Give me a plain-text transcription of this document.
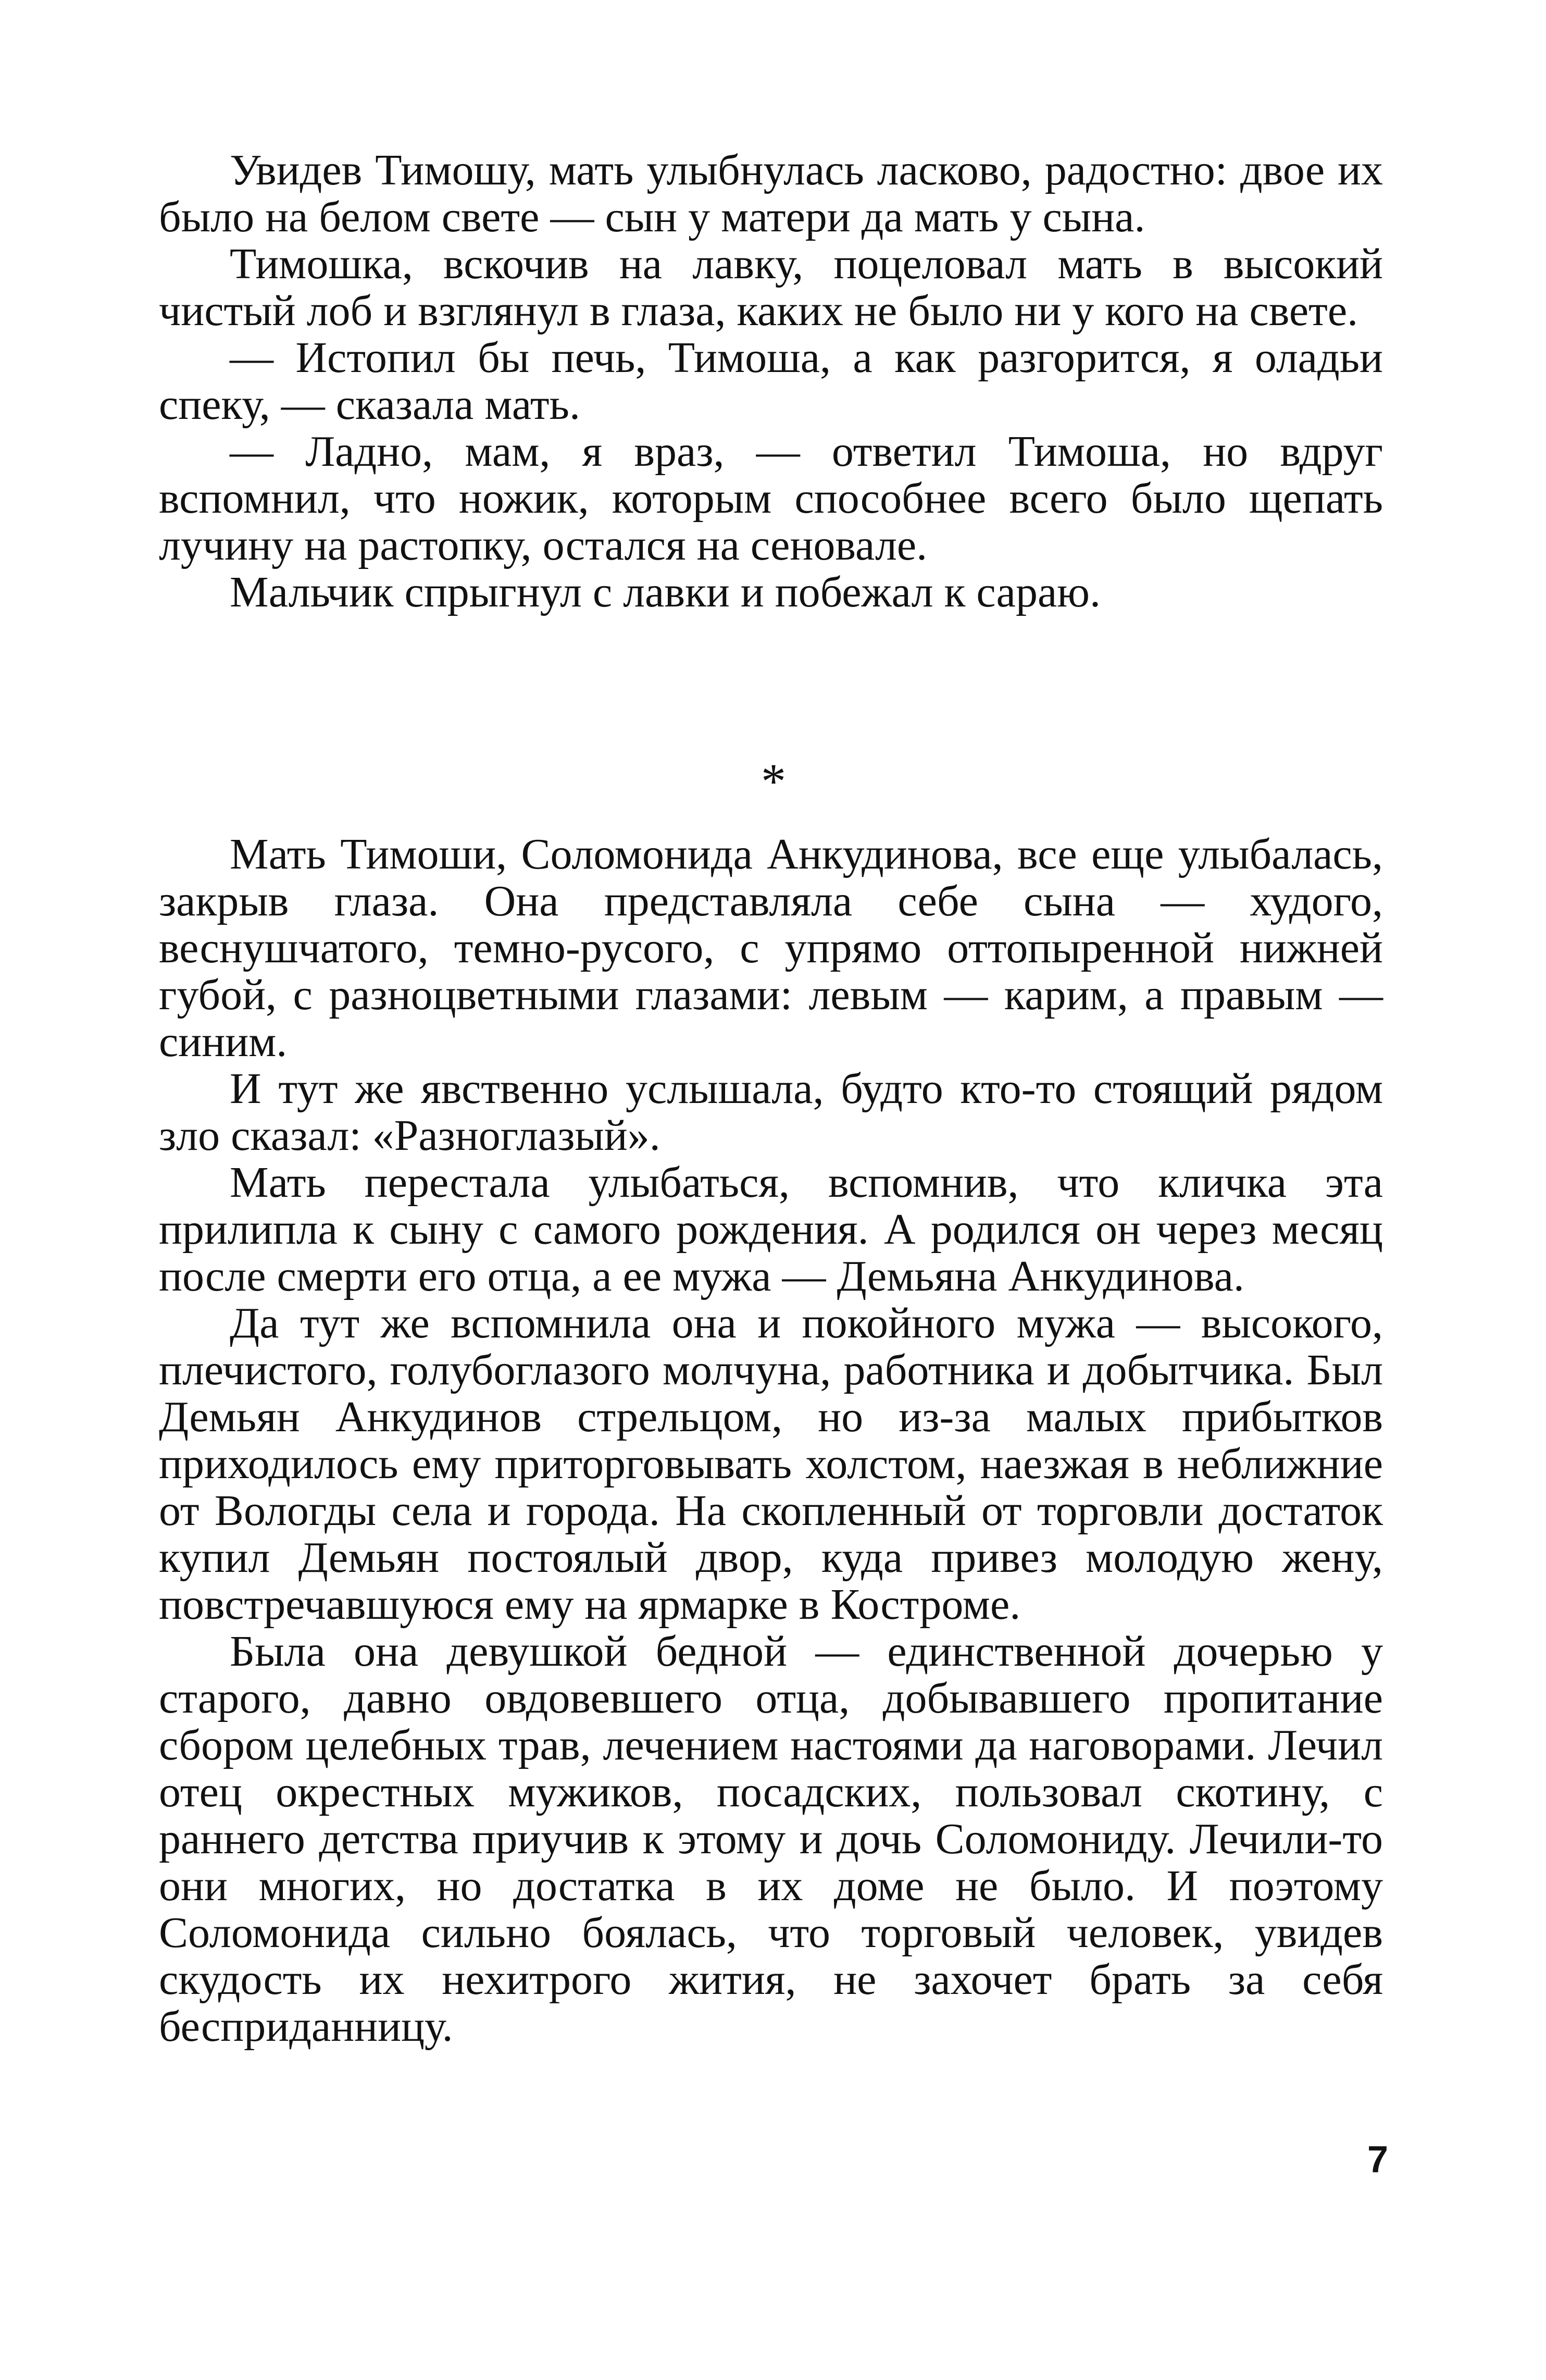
Увидев Тимошу, мать улыбнулась ласково, радостно: двое их было на белом свете — сын у матери да мать у сына.

Тимошка, вскочив на лавку, поцеловал мать в высокий чистый лоб и взглянул в глаза, каких не было ни у кого на свете.

— Истопил бы печь, Тимоша, а как разгорится, я оладьи спеку, — сказала мать.

— Ладно, мам, я враз, — ответил Тимоша, но вдруг вспомнил, что ножик, которым способнее всего было щепать лучину на растопку, остался на сеновале.

Мальчик спрыгнул с лавки и побежал к сараю.

*

Мать Тимоши, Соломонида Анкудинова, все еще улыбалась, закрыв глаза. Она представляла себе сына — худого, веснушчатого, темно-русого, с упрямо оттопыренной нижней губой, с разноцветными глазами: левым — карим, а правым — синим.

И тут же явственно услышала, будто кто-то стоящий рядом зло сказал: «Разноглазый».

Мать перестала улыбаться, вспомнив, что кличка эта прилипла к сыну с самого рождения. А родился он через месяц после смерти его отца, а ее мужа — Демьяна Анкудинова.

Да тут же вспомнила она и покойного мужа — высокого, плечистого, голубоглазого молчуна, работника и добытчика. Был Демьян Анкудинов стрельцом, но из-за малых прибытков приходилось ему приторговывать холстом, наезжая в неближние от Вологды села и города. На скопленный от торговли достаток купил Демьян постоялый двор, куда привез молодую жену, повстречавшуюся ему на ярмарке в Костроме.

Была она девушкой бедной — единственной дочерью у старого, давно овдовевшего отца, добывавшего пропитание сбором целебных трав, лечением настоями да наговорами. Лечил отец окрестных мужиков, посадских, пользовал скотину, с раннего детства приучив к этому и дочь Соломониду. Лечили-то они многих, но достатка в их доме не было. И поэтому Соломонида сильно боялась, что торговый человек, увидев скудость их нехитрого жития, не захочет брать за себя бесприданницу.

7
